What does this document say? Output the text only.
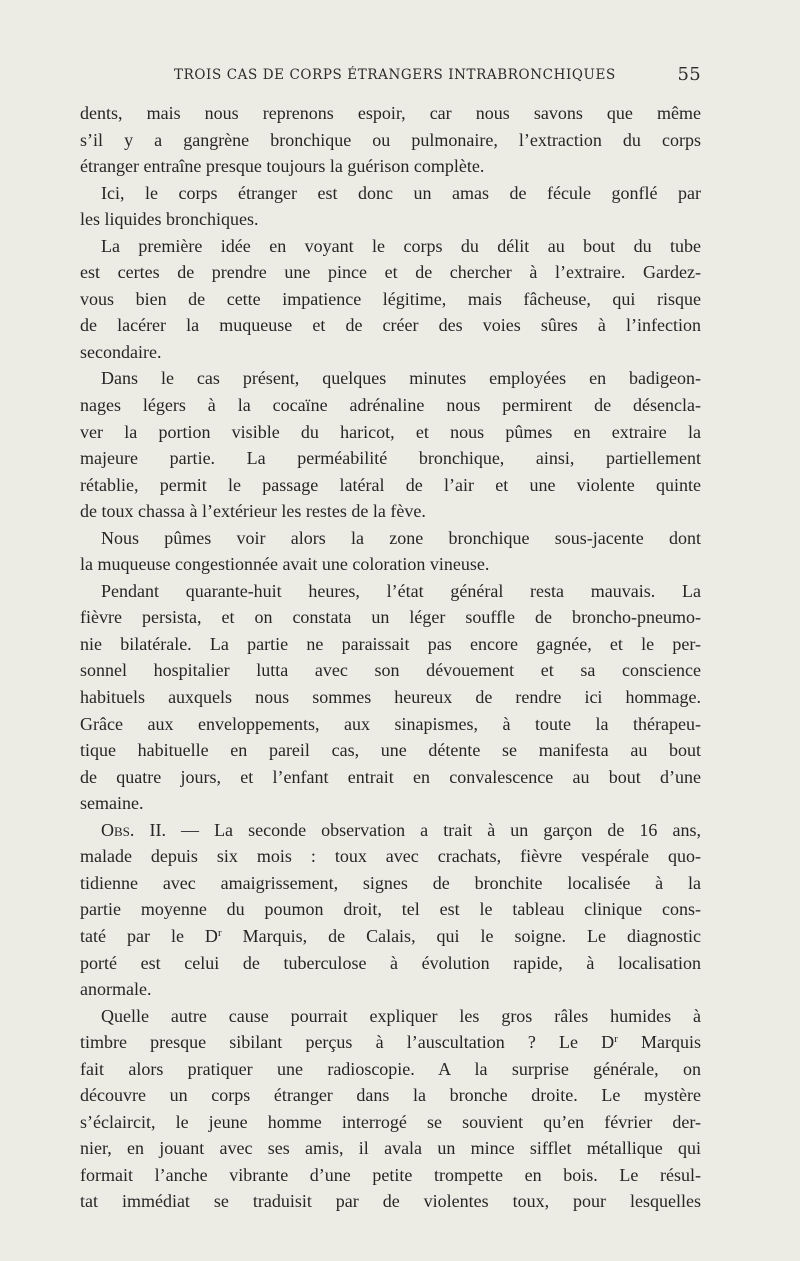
TROIS CAS DE CORPS ÉTRANGERS INTRABRONCHIQUES	55
dents, mais nous reprenons espoir, car nous savons que même
s’il y a gangrène bronchique ou pulmonaire, l’extraction du corps
étranger entraîne presque toujours la guérison complète.
Ici, le corps étranger est donc un amas de fécule gonflé par
les liquides bronchiques.
La première idée en voyant le corps du délit au bout du tube
est certes de prendre une pince et de chercher à l’extraire. Gardez-
vous bien de cette impatience légitime, mais fâcheuse, qui risque
de lacérer la muqueuse et de créer des voies sûres à l’infection
secondaire.
Dans le cas présent, quelques minutes employées en badigeon-
nages légers à la cocaïne adrénaline nous permirent de désencla-
ver la portion visible du haricot, et nous pûmes en extraire la
majeure partie. La perméabilité bronchique, ainsi, partiellement
rétablie, permit le passage latéral de l’air et une violente quinte
de toux chassa à l’extérieur les restes de la fève.
Nous pûmes voir alors la zone bronchique sous-jacente dont
la muqueuse congestionnée avait une coloration vineuse.
Pendant quarante-huit heures, l’état général resta mauvais. La
fièvre persista, et on constata un léger souffle de broncho-pneumo-
nie bilatérale. La partie ne paraissait pas encore gagnée, et le per-
sonnel hospitalier lutta avec son dévouement et sa conscience
habituels auxquels nous sommes heureux de rendre ici hommage.
Grâce aux enveloppements, aux sinapismes, à toute la thérapeu-
tique habituelle en pareil cas, une détente se manifesta au bout
de quatre jours, et l’enfant entrait en convalescence au bout d’une
semaine.
Obs. II. — La seconde observation a trait à un garçon de 16 ans,
malade depuis six mois : toux avec crachats, fièvre vespérale quo-
tidienne avec amaigrissement, signes de bronchite localisée à la
partie moyenne du poumon droit, tel est le tableau clinique cons-
taté par le $D^r$ Marquis, de Calais, qui le soigne. Le diagnostic
porté est celui de tuberculose à évolution rapide, à localisation
anormale.
Quelle autre cause pourrait expliquer les gros râles humides à
timbre presque sibilant perçus à l’auscultation ? Le $D^r$ Marquis
fait alors pratiquer une radioscopie. A la surprise générale, on
découvre un corps étranger dans la bronche droite. Le mystère
s’éclaircit, le jeune homme interrogé se souvient qu’en février der-
nier, en jouant avec ses amis, il avala un mince sifflet métallique qui
formait l’anche vibrante d’une petite trompette en bois. Le résul-
tat immédiat se traduisit par de violentes toux, pour lesquelles
